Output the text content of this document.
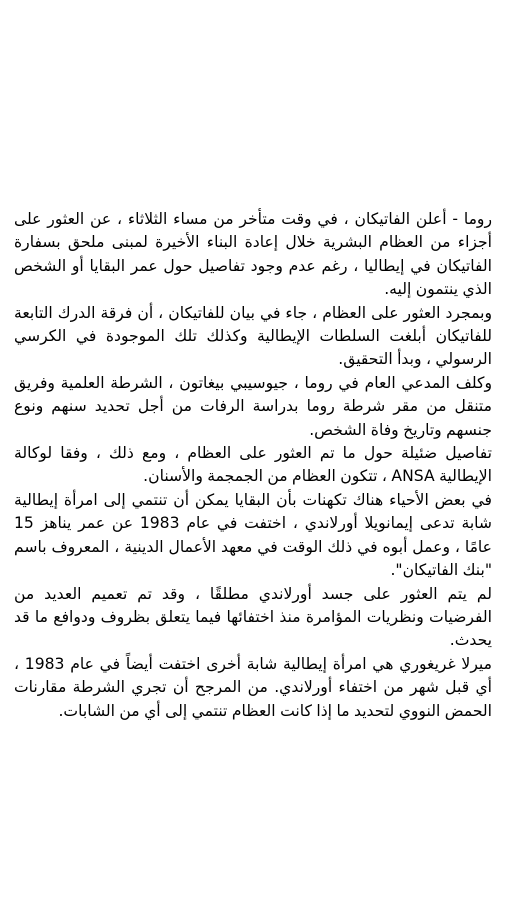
روما - أعلن الفاتيكان ، في وقت متأخر من مساء الثلاثاء ، عن العثور على أجزاء من العظام البشرية خلال إعادة البناء الأخيرة لمبنى ملحق بسفارة الفاتيكان في إيطاليا ، رغم عدم وجود تفاصيل حول عمر البقايا أو الشخص الذي ينتمون إليه.

وبمجرد العثور على العظام ، جاء في بيان للفاتيكان ، أن فرقة الدرك التابعة للفاتيكان أبلغت السلطات الإيطالية وكذلك تلك الموجودة في الكرسي الرسولي ، وبدأ التحقيق.

وكلف المدعي العام في روما ، جيوسيبي بيغاتون ، الشرطة العلمية وفريق متنقل من مقر شرطة روما بدراسة الرفات من أجل تحديد سنهم ونوع جنسهم وتاريخ وفاة الشخص.

تفاصيل ضئيلة حول ما تم العثور على العظام ، ومع ذلك ، وفقا لوكالة الإيطالية ANSA ، تتكون العظام من الجمجمة والأسنان.

في بعض الأحياء هناك تكهنات بأن البقايا يمكن أن تنتمي إلى امرأة إيطالية شابة تدعى إيمانويلا أورلاندي ، اختفت في عام 1983 عن عمر يناهز 15 عامًا ، وعمل أبوه في ذلك الوقت في معهد الأعمال الدينية ، المعروف باسم "بنك الفاتيكان".

لم يتم العثور على جسد أورلاندي مطلقًا ، وقد تم تعميم العديد من الفرضيات ونظريات المؤامرة منذ اختفائها فيما يتعلق بظروف ودوافع ما قد يحدث.

ميرلا غريغوري هي امرأة إيطالية شابة أخرى اختفت أيضاً في عام 1983 ، أي قبل شهر من اختفاء أورلاندي. من المرجح أن تجري الشرطة مقارنات الحمض النووي لتحديد ما إذا كانت العظام تنتمي إلى أي من الشابات.
